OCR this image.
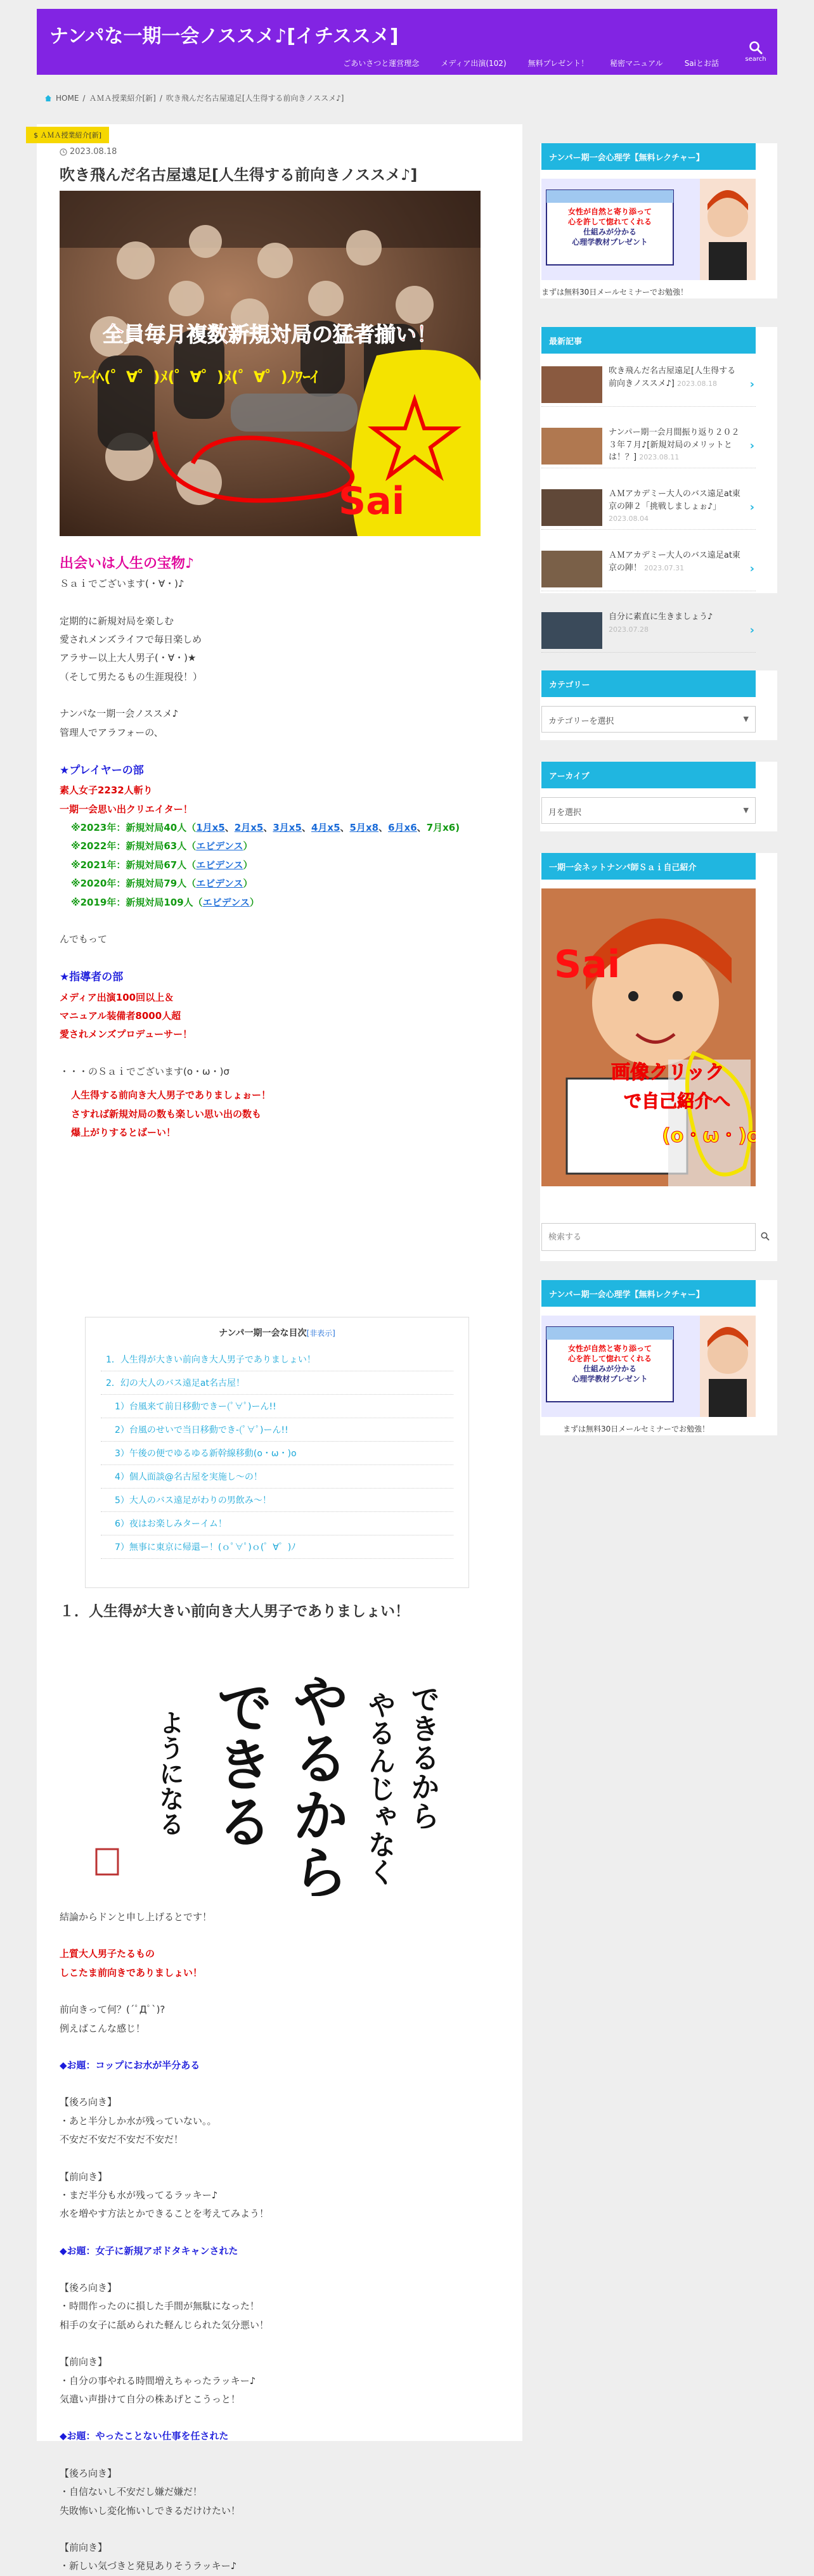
ナンパな一期一会ノススメ♪[イチススメ]
ごあいさつと運営理念	メディア出演(102)	無料プレゼント！	秘密マニュアル	Saiとお話	search
HOME / ＡＭＡ授業紹介[新] / 吹き飛んだ名古屋遠足[人生得する前向きノススメ♪]
$ ＡＭＡ授業紹介[新]
2023.08.18
吹き飛んだ名古屋遠足[人生得する前向きノススメ♪]
全員毎月複数新規対局の猛者揃い！
ﾜｰｲﾍ(゜∀゜)ﾒ(゜∀゜)ﾒ(゜∀゜)ﾉﾜｰｲ
Sai
出会いは人生の宝物♪
Ｓａｉでございます(・∀・)♪
定期的に新規対局を楽しむ
愛されメンズライフで毎日楽しめ
アラサー以上大人男子(・∀・)★
（そして男たるもの生涯現役！）
ナンパな一期一会ノススメ♪
管理人でアラフォーの、
★プレイヤーの部
素人女子2232人斬り
一期一会思い出クリエイター！
※2023年：新規対局40人（1月x5、2月x5、3月x5、4月x5、5月x8、6月x6、7月x6)
※2022年：新規対局63人（エビデンス）
※2021年：新規対局67人（エビデンス）
※2020年：新規対局79人（エビデンス）
※2019年：新規対局109人（エビデンス）
んでもって
★指導者の部
メディア出演100回以上＆
マニュアル装備者8000人超
愛されメンズプロデューサー！
・・・のＳａｉでございます(o・ω・)σ
人生得する前向き大人男子でありましょぉー！
さすれば新規対局の数も楽しい思い出の数も
爆上がりするとばーい！
ナンパ一期一会な目次[非表示]
1．人生得が大きい前向き大人男子でありましょい！
2．幻の大人のバス遠足at名古屋！
1）台風来て前日移動できー(ﾟ∀ﾟ)ーん!!
2）台風のせいで当日移動でき-(ﾟ∀ﾟ)ーん!!
3）午後の便でゆるゆる新幹線移動(o・ω・)o
4）個人面談@名古屋を実施し～の！
5）大人のバス遠足がわりの男飲み～！
6）夜はお楽しみターイム！
7）無事に東京に帰還ー！(ｏﾟ∀ﾟ)ｏ(゜∀゜)ﾉ
１．人生得が大きい前向き大人男子でありましょい！
できるから
やるんじゃなく
やるから
できる
ようになる
結論からドンと申し上げるとです！
上質大人男子たるもの
しこたま前向きでありましょい！
前向きって何？(´ﾟДﾟ`)?
例えばこんな感じ！
◆お題：コップにお水が半分ある
【後ろ向き】
・あと半分しか水が残っていない。。
不安だ不安だ不安だ不安だ！
【前向き】
・まだ半分も水が残ってるラッキー♪
水を増やす方法とかできることを考えてみよう！
◆お題：女子に新規アポドタキャンされた
【後ろ向き】
・時間作ったのに損した手間が無駄になった！
相手の女子に舐められた軽んじられた気分悪い！
【前向き】
・自分の事やれる時間増えちゃったラッキー♪
気遣い声掛けて自分の株あげとこうっと！
◆お題：やったことない仕事を任された
【後ろ向き】
・自信ないし不安だし嫌だ嫌だ！
失敗怖いし変化怖いしできるだけけたい！
【前向き】
・新しい気づきと発見ありそうラッキー♪
ナンパー期一会心理学【無料レクチャー】
女性が自然と寄り添って
心を許して惚れてくれる
仕組みが分かる
心理学教材プレゼント
まずは無料30日メールセミナーでお勉強！
最新記事
吹き飛んだ名古屋遠足[人生得する前向きノススメ♪] 2023.08.18	›
ナンパー期一会月間振り返り２０２３年７月♪[新規対局のメリットとは！？] 2023.08.11
›
ＡＭアカデミー大人のバス遠足at東京の陣２「挑戦しましょぉ♪」 2023.08.04
›
ＡＭアカデミー大人のバス遠足at東京の陣！ 2023.07.31	›
自分に素直に生きましょう♪ 2023.07.28	›
カテゴリー
カテゴリーを選択	▼
アーカイブ
月を選択	▼
一期一会ネットナンパ師Ｓａｉ自己紹介
Sai
画像クリック
で自己紹介へ
(o・ω・)σ
検索する
ナンパー期一会心理学【無料レクチャー】
女性が自然と寄り添って
心を許して惚れてくれる
仕組みが分かる
心理学教材プレゼント
まずは無料30日メールセミナーでお勉強！
